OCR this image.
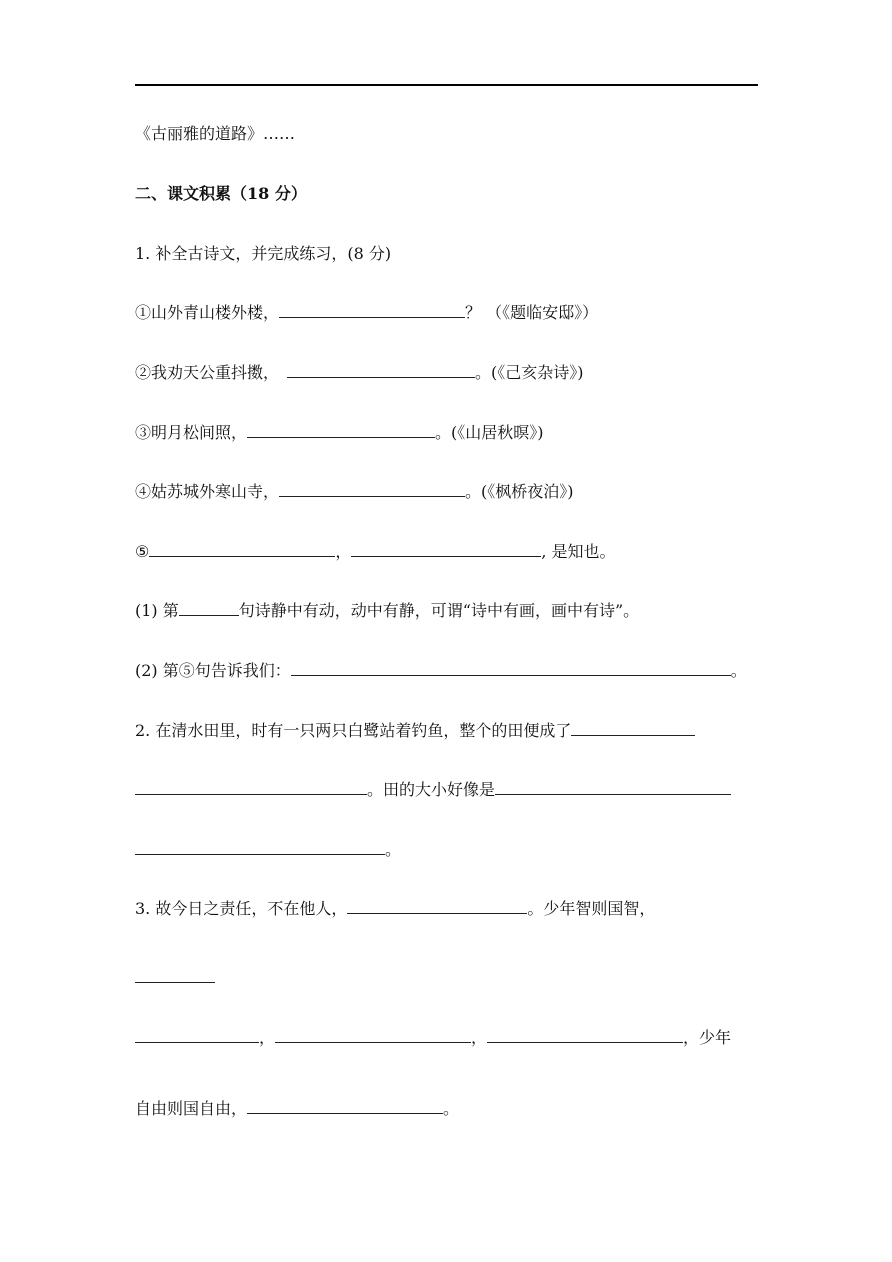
《古丽雅的道路》……
二、课文积累（18 分）
1. 补全古诗文，并完成练习，(8 分)
①山外青山楼外楼，	？ （《题临安邸》）
②我劝天公重抖擞，	。(《己亥杂诗》)
③明月松间照，	。(《山居秋暝》)
④姑苏城外寒山寺，	。(《枫桥夜泊》)
⑤	，	, 是知也。
(1) 第	句诗静中有动，动中有静，可谓“诗中有画，画中有诗”。
(2) 第⑤句告诉我们：	。
2. 在清水田里，时有一只两只白鹭站着钓鱼，整个的田便成了
。田的大小好像是
。
3. 故今日之责任，不在他人，	。少年智则国智，
，	，	，少年
自由则国自由，	。
